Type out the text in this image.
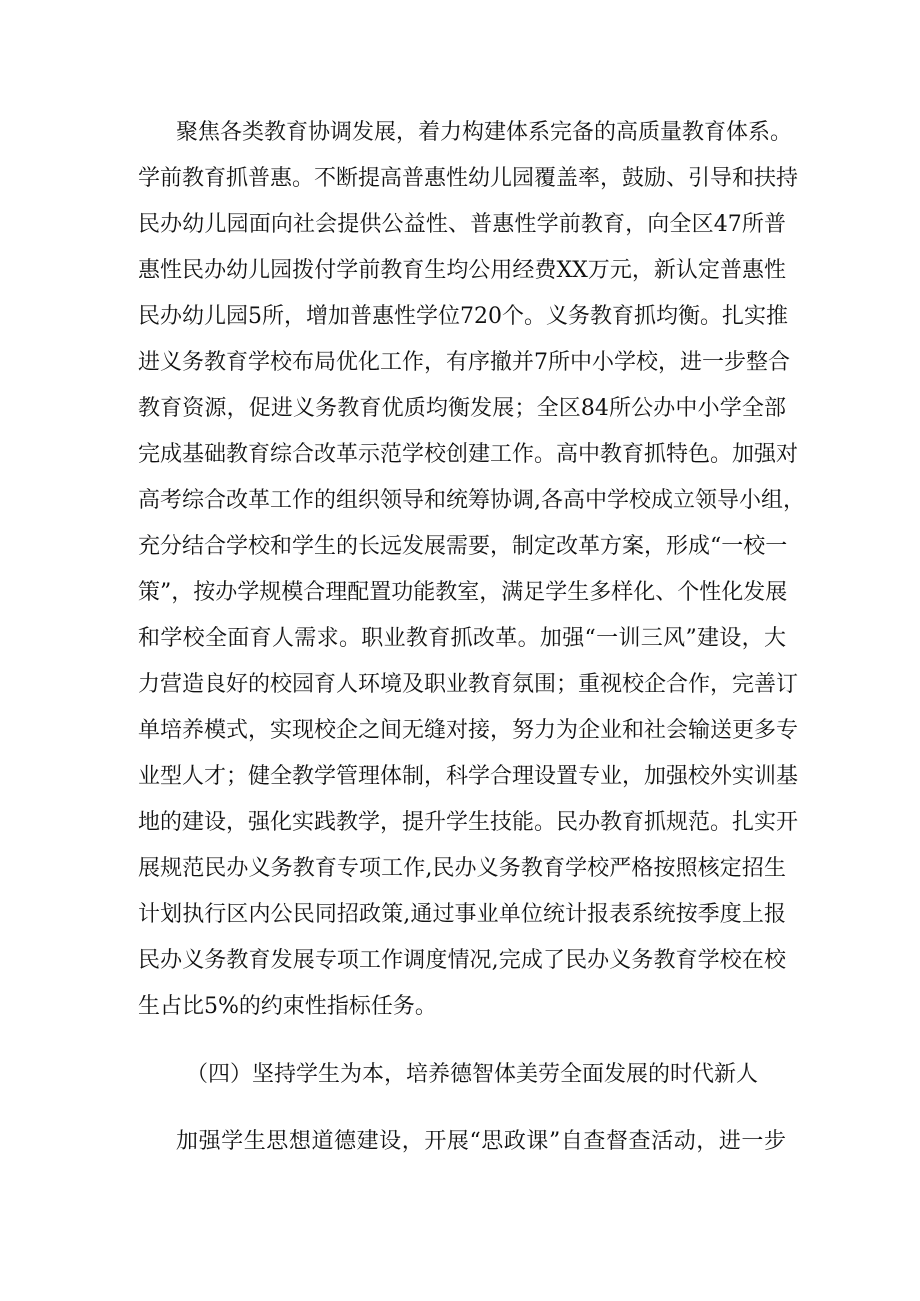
聚焦各类教育协调发展，着力构建体系完备的高质量教育体系。

学前教育抓普惠。不断提高普惠性幼儿园覆盖率，鼓励、引导和扶持

民办幼儿园面向社会提供公益性、普惠性学前教育，向全区47所普

惠性民办幼儿园拨付学前教育生均公用经费XX万元，新认定普惠性

民办幼儿园5所，增加普惠性学位720个。义务教育抓均衡。扎实推

进义务教育学校布局优化工作，有序撤并7所中小学校，进一步整合

教育资源，促进义务教育优质均衡发展；全区84所公办中小学全部

完成基础教育综合改革示范学校创建工作。高中教育抓特色。加强对

高考综合改革工作的组织领导和统筹协调,各高中学校成立领导小组，

充分结合学校和学生的长远发展需要，制定改革方案，形成“一校一

策”，按办学规模合理配置功能教室，满足学生多样化、个性化发展

和学校全面育人需求。职业教育抓改革。加强“一训三风”建设，大

力营造良好的校园育人环境及职业教育氛围；重视校企合作，完善订

单培养模式，实现校企之间无缝对接，努力为企业和社会输送更多专

业型人才；健全教学管理体制，科学合理设置专业，加强校外实训基

地的建设，强化实践教学，提升学生技能。民办教育抓规范。扎实开

展规范民办义务教育专项工作,民办义务教育学校严格按照核定招生

计划执行区内公民同招政策,通过事业单位统计报表系统按季度上报

民办义务教育发展专项工作调度情况,完成了民办义务教育学校在校

生占比5%的约束性指标任务。

（四）坚持学生为本，培养德智体美劳全面发展的时代新人

加强学生思想道德建设，开展“思政课”自查督查活动，进一步
